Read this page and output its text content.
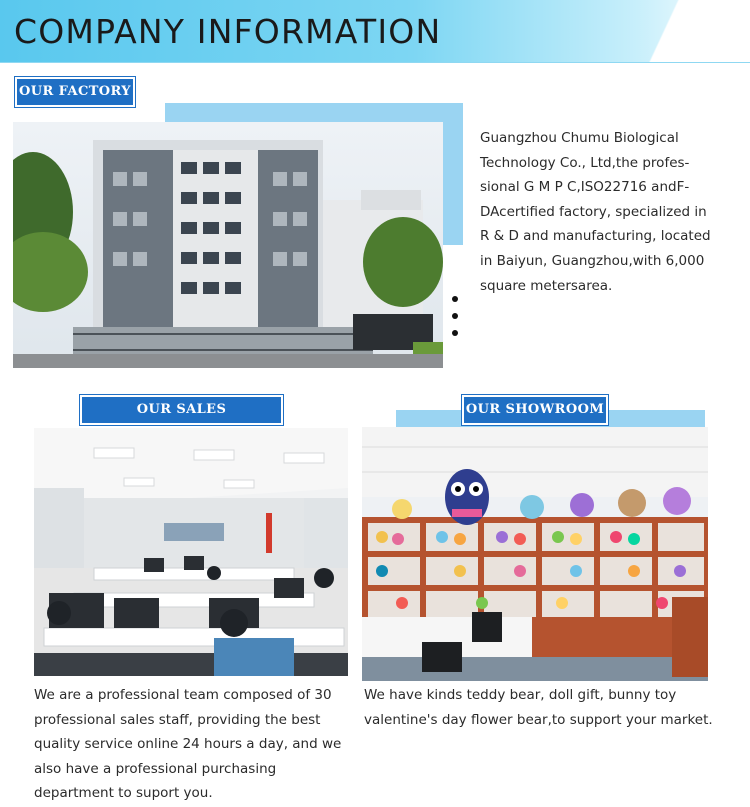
COMPANY INFORMATION
OUR FACTORY
Guangzhou Chumu Biological
Technology Co., Ltd,the profes-
sional G M P C,ISO22716 andF-
DAcertified factory, specialized in
R & D and manufacturing, located
in Baiyun, Guangzhou,with 6,000
square metersarea.
OUR SALES
We are a professional team composed of 30
professional sales staff, providing the best
quality service online 24 hours a day, and we
also have a professional purchasing
department to suport you.
OUR SHOWROOM
We have kinds teddy bear, doll gift, bunny toy
valentine's day flower bear,to support your market.
